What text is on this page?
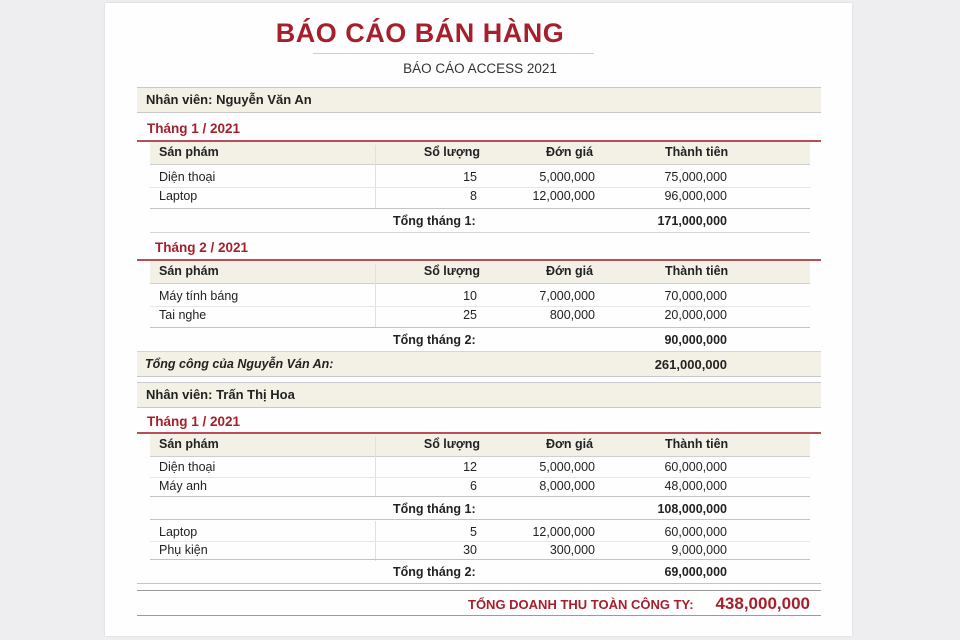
BÁO CÁO BÁN HÀNG
BÁO CÁO ACCESS 2021
Nhân viên: Nguyễn Văn An
Tháng 1 / 2021
Sán phám	Sổ lượng	Đớn giá	Thành tiên
Diện thoại	15	5,000,000	75,000,000
Laptop	8	12,000,000	96,000,000
Tổng tháng 1:	171,000,000
Tháng 2 / 2021
Sán phám	Sổ lượng	Đớn giá	Thành tiên
Máy tính báng	10	7,000,000	70,000,000
Tai nghe	25	800,000	20,000,000
Tổng tháng 2:	90,000,000
Tổng công của Nguyễn Ván An:	261,000,000
Nhân viên: Trấn Thị Hoa
Tháng 1 / 2021
Sán phám	Sổ lượng	Đơn giá	Thành tiên
Diện thoại	12	5,000,000	60,000,000
Máy anh	6	8,000,000	48,000,000
Tổng tháng 1:	108,000,000
Laptop	5	12,000,000	60,000,000
Phụ kiện	30	300,000	9,000,000
Tổng tháng 2:	69,000,000
TỔNG DOANH THU TOÀN CÔNG TY:	438,000,000
